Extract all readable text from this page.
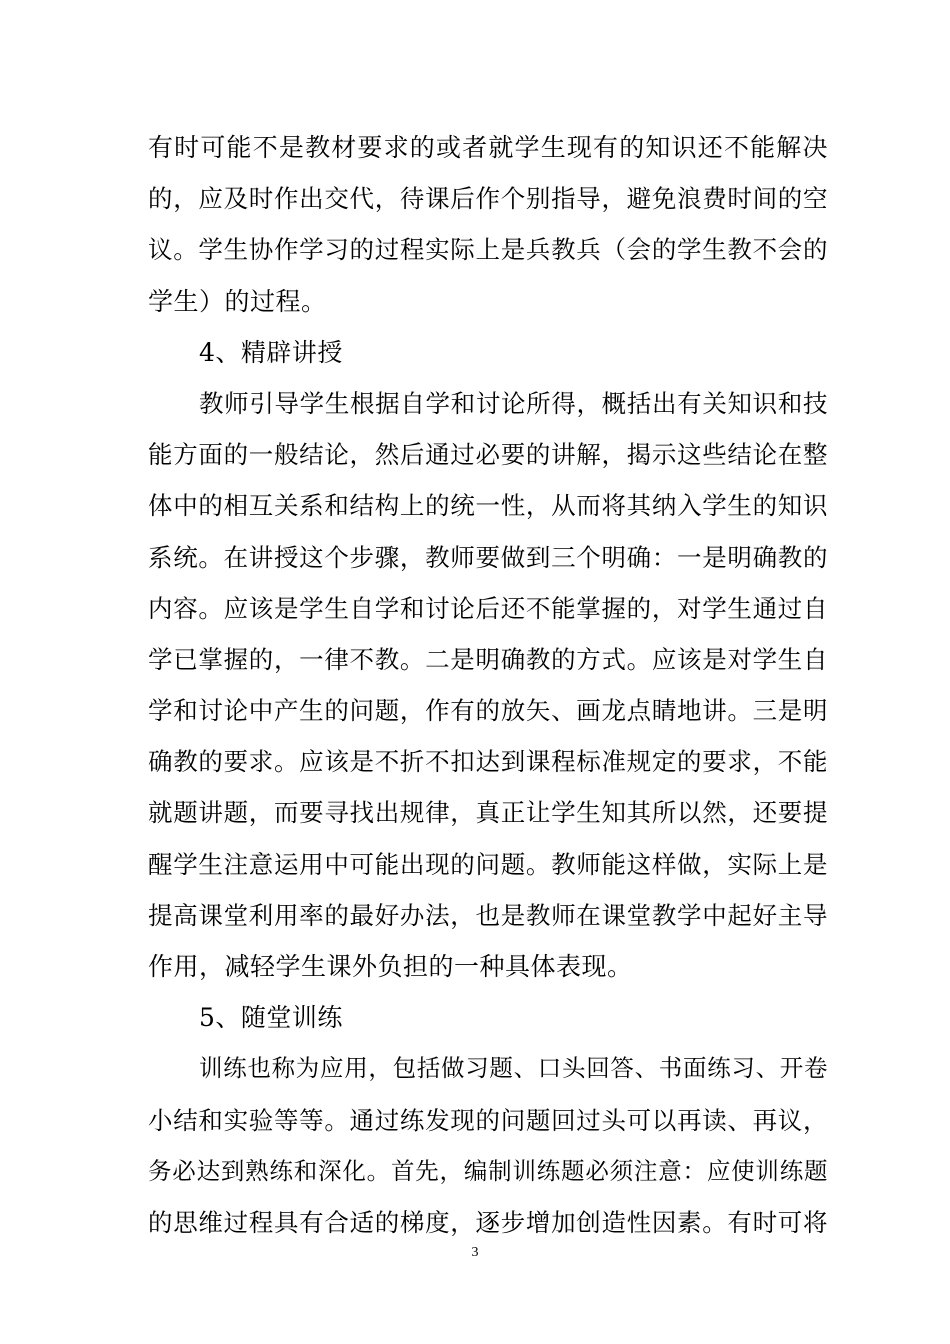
有时可能不是教材要求的或者就学生现有的知识还不能解决
的，应及时作出交代，待课后作个别指导，避免浪费时间的空
议。学生协作学习的过程实际上是兵教兵（会的学生教不会的
学生）的过程。
4、精辟讲授
教师引导学生根据自学和讨论所得，概括出有关知识和技
能方面的一般结论，然后通过必要的讲解，揭示这些结论在整
体中的相互关系和结构上的统一性，从而将其纳入学生的知识
系统。在讲授这个步骤，教师要做到三个明确：一是明确教的
内容。应该是学生自学和讨论后还不能掌握的，对学生通过自
学已掌握的，一律不教。二是明确教的方式。应该是对学生自
学和讨论中产生的问题，作有的放矢、画龙点睛地讲。三是明
确教的要求。应该是不折不扣达到课程标准规定的要求，不能
就题讲题，而要寻找出规律，真正让学生知其所以然，还要提
醒学生注意运用中可能出现的问题。教师能这样做，实际上是
提高课堂利用率的最好办法，也是教师在课堂教学中起好主导
作用，减轻学生课外负担的一种具体表现。
5、随堂训练
训练也称为应用，包括做习题、口头回答、书面练习、开卷
小结和实验等等。通过练发现的问题回过头可以再读、再议，
务必达到熟练和深化。首先，编制训练题必须注意：应使训练题
的思维过程具有合适的梯度，逐步增加创造性因素。有时可将
3
